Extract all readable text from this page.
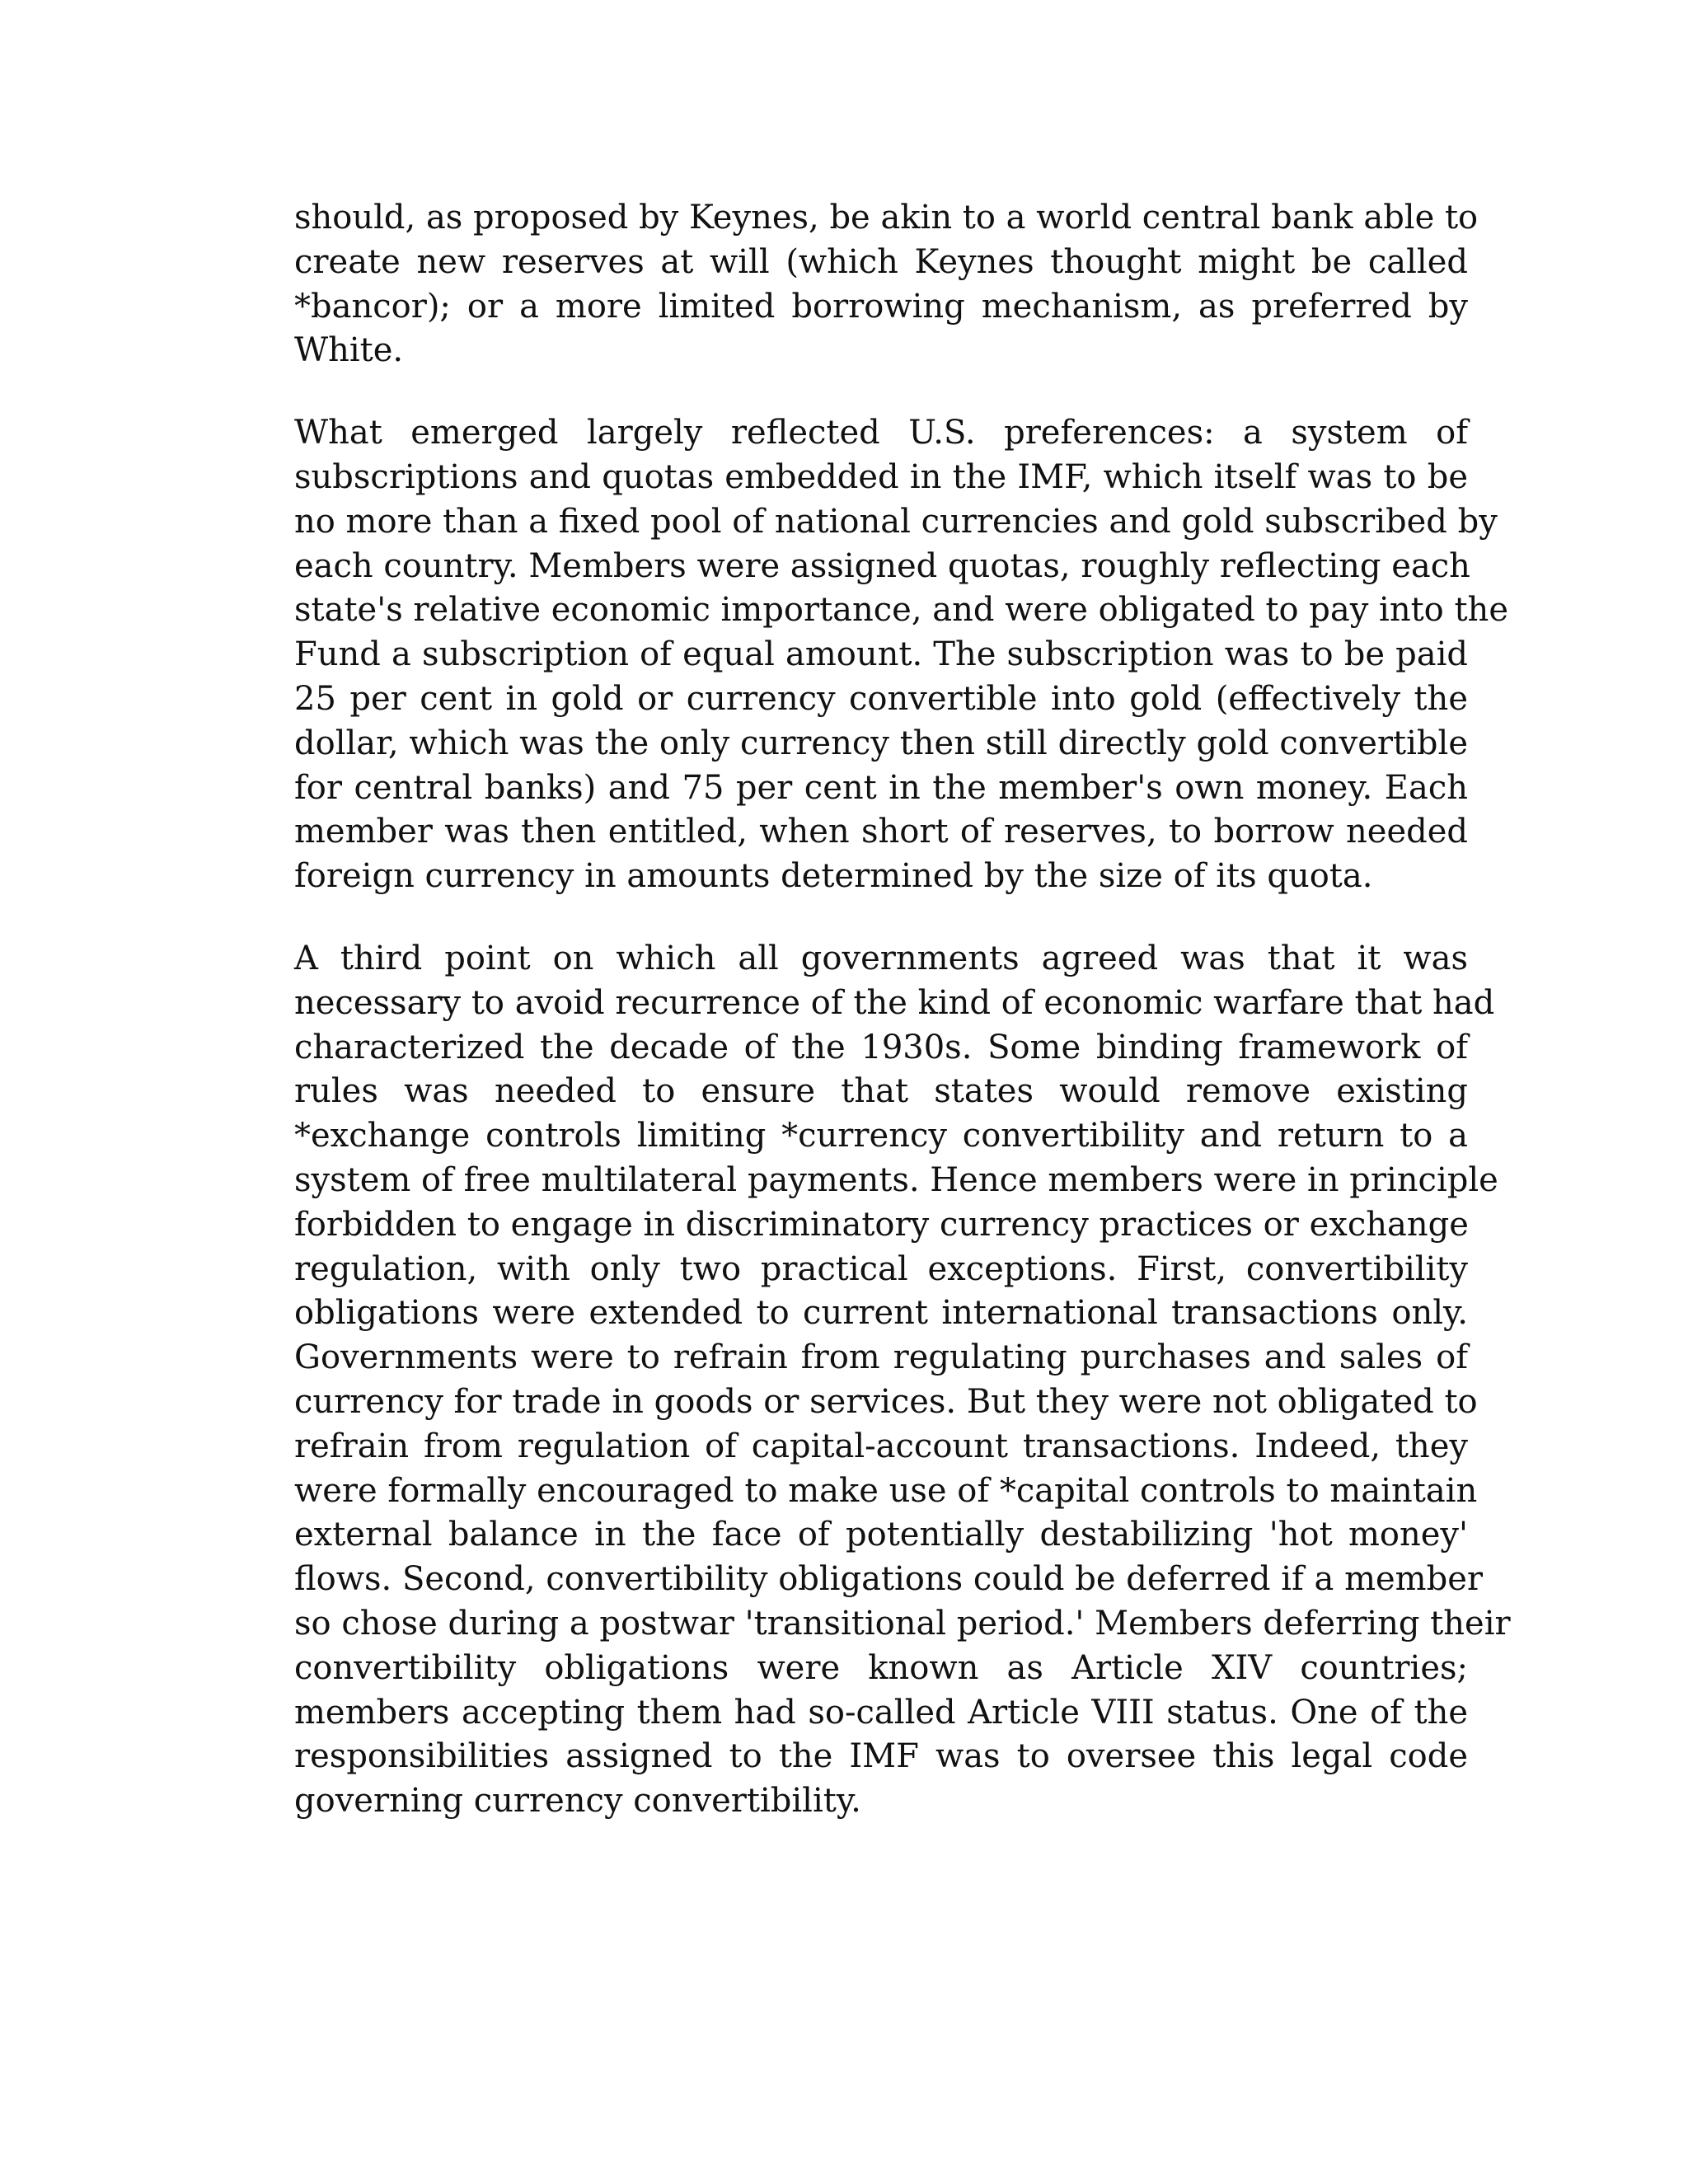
should, as proposed by Keynes, be akin to a world central bank able to
create new reserves at will (which Keynes thought might be called
*bancor); or a more limited borrowing mechanism, as preferred by
White.
What emerged largely reflected U.S. preferences: a system of
subscriptions and quotas embedded in the IMF, which itself was to be
no more than a fixed pool of national currencies and gold subscribed by
each country. Members were assigned quotas, roughly reflecting each
state's relative economic importance, and were obligated to pay into the
Fund a subscription of equal amount. The subscription was to be paid
25 per cent in gold or currency convertible into gold (effectively the
dollar, which was the only currency then still directly gold convertible
for central banks) and 75 per cent in the member's own money. Each
member was then entitled, when short of reserves, to borrow needed
foreign currency in amounts determined by the size of its quota.
A third point on which all governments agreed was that it was
necessary to avoid recurrence of the kind of economic warfare that had
characterized the decade of the 1930s. Some binding framework of
rules was needed to ensure that states would remove existing
*exchange controls limiting *currency convertibility and return to a
system of free multilateral payments. Hence members were in principle
forbidden to engage in discriminatory currency practices or exchange
regulation, with only two practical exceptions. First, convertibility
obligations were extended to current international transactions only.
Governments were to refrain from regulating purchases and sales of
currency for trade in goods or services. But they were not obligated to
refrain from regulation of capital-account transactions. Indeed, they
were formally encouraged to make use of *capital controls to maintain
external balance in the face of potentially destabilizing 'hot money'
flows. Second, convertibility obligations could be deferred if a member
so chose during a postwar 'transitional period.' Members deferring their
convertibility obligations were known as Article XIV countries;
members accepting them had so-called Article VIII status. One of the
responsibilities assigned to the IMF was to oversee this legal code
governing currency convertibility.
